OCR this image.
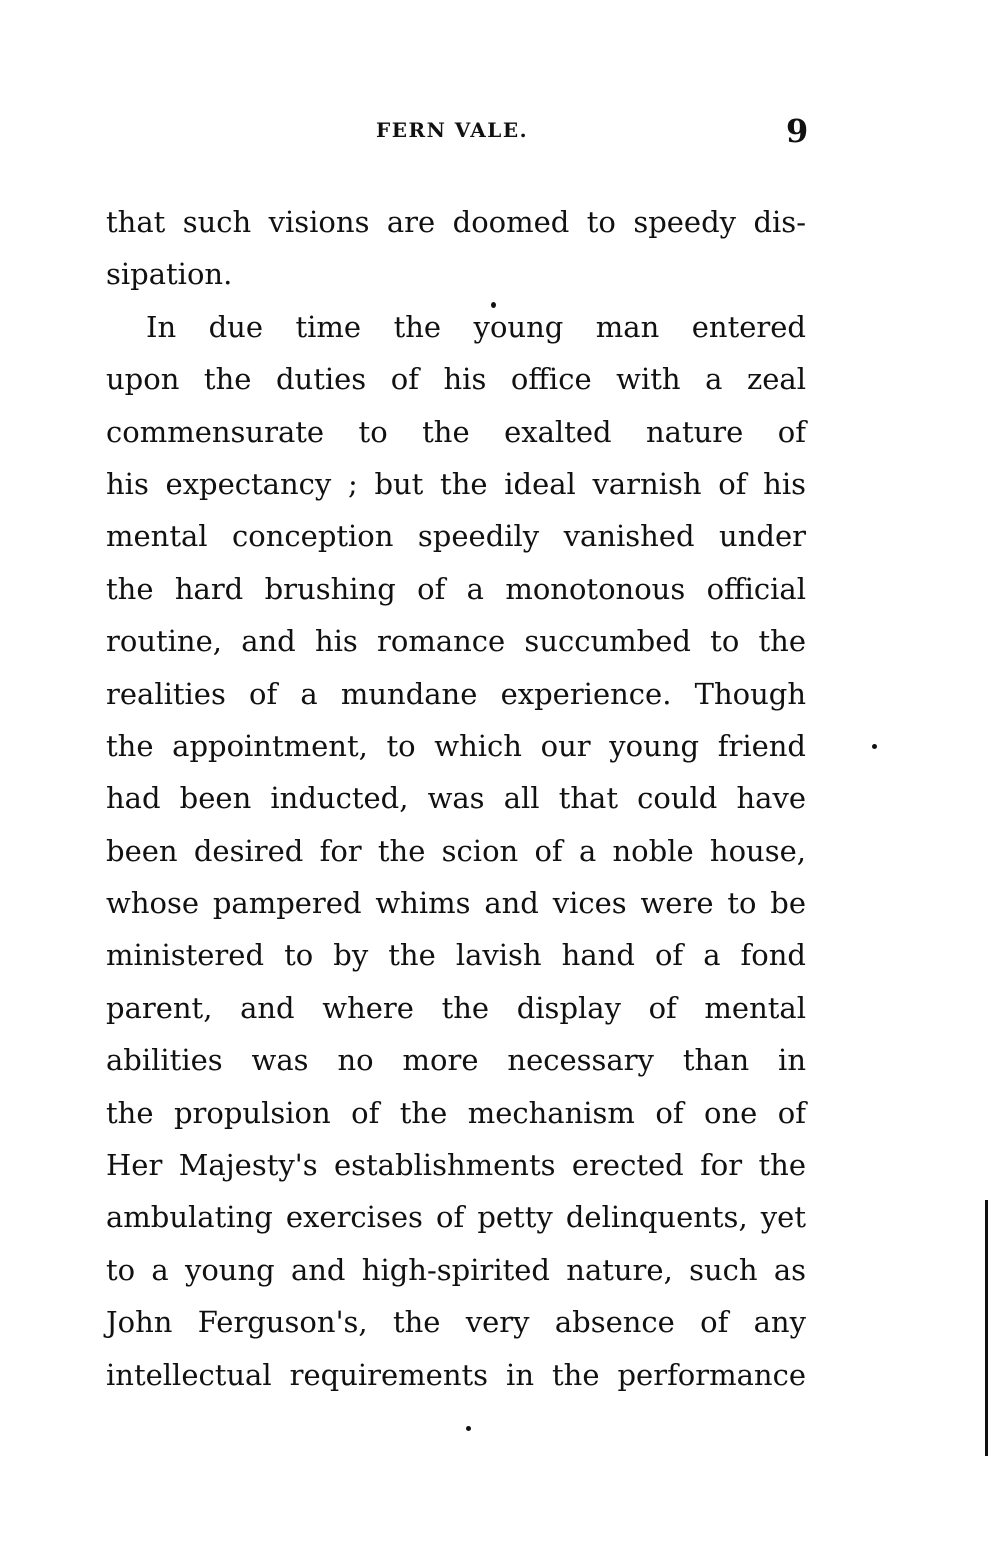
FERN VALE.	9
that such visions are doomed to speedy dis-
sipation.
In due time the young man entered
upon the duties of his office with a zeal
commensurate to the exalted nature of
his expectancy ; but the ideal varnish of his
mental conception speedily vanished under
the hard brushing of a monotonous official
routine, and his romance succumbed to the
realities of a mundane experience. Though
the appointment, to which our young friend
had been inducted, was all that could have
been desired for the scion of a noble house,
whose pampered whims and vices were to be
ministered to by the lavish hand of a fond
parent, and where the display of mental
abilities was no more necessary than in
the propulsion of the mechanism of one of
Her Majesty's establishments erected for the
ambulating exercises of petty delinquents, yet
to a young and high-spirited nature, such as
John Ferguson's, the very absence of any
intellectual requirements in the performance
